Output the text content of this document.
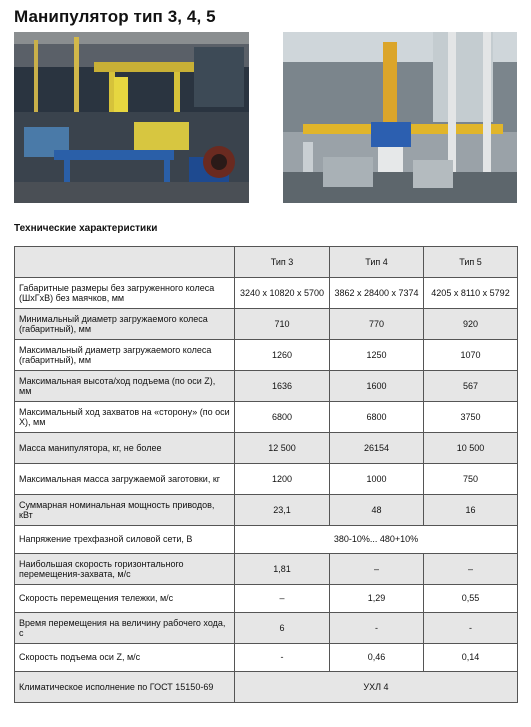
Манипулятор тип 3, 4, 5
Технические характеристики
	Тип 3	Тип 4	Тип 5
Габаритные размеры без загруженного колеса (ШхГхВ) без маячков, мм	3240 x 10820 x 5700	3862 x 28400 x 7374	4205 x 8110 x 5792
Минимальный диаметр загружаемого колеса (габаритный), мм	710	770	920
Максимальный диаметр загружаемого колеса (габаритный), мм	1260	1250	1070
Максимальная высота/ход подъема (по оси Z), мм	1636	1600	567
Максимальный ход захватов на «сторону» (по оси Х), мм	6800	6800	3750
Масса манипулятора, кг, не более	12 500	26154	10 500
Максимальная масса загружаемой заготовки, кг	1200	1000	750
Суммарная номинальная мощность приводов, кВт	23,1	48	16
Напряжение трехфазной силовой сети, В	380-10%... 480+10%		
Наибольшая скорость горизонтального перемещения-захвата, м/с	1,81	–	–
Скорость перемещения тележки, м/с	–	1,29	0,55
Время перемещения на величину рабочего хода, с	6	-	-
Скорость подъема оси Z, м/с	-	0,46	0,14
Климатическое исполнение по ГОСТ 15150-69	УХЛ 4		
